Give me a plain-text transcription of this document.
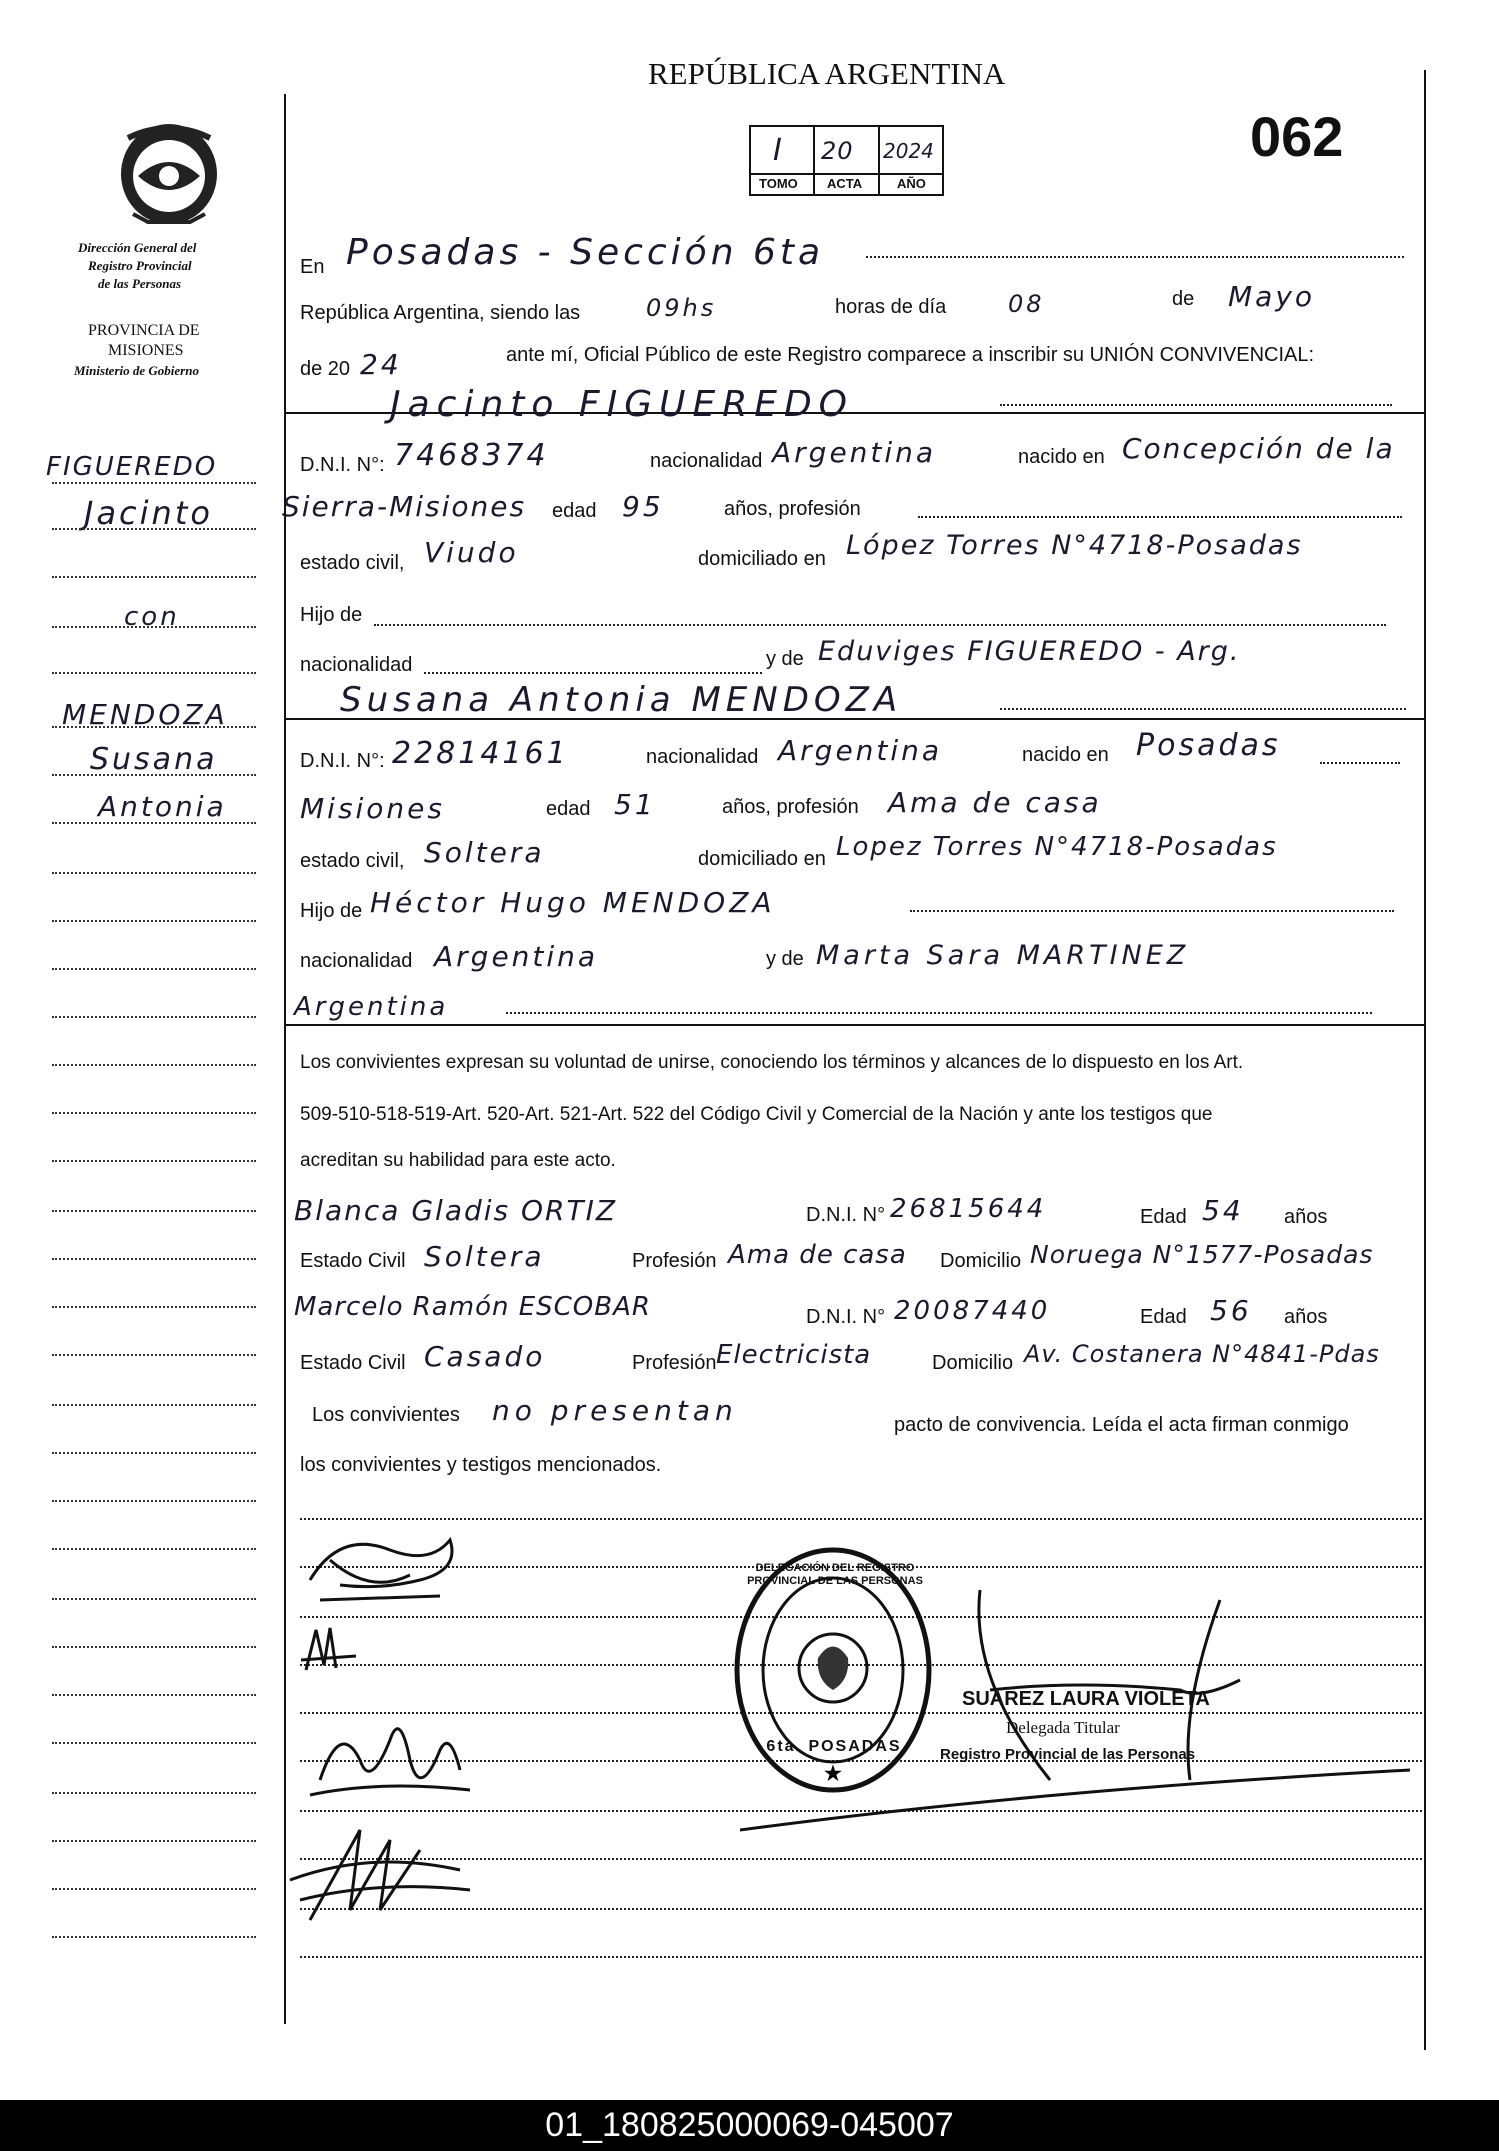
REPÚBLICA ARGENTINA
062
I 20 2024
TOMO ACTA	AÑO
Dirección General del
Registro Provincial
de las Personas
PROVINCIA DE
MISIONES
Ministerio de Gobierno
FIGUEREDO
Jacinto
con
MENDOZA
Susana
Antonia
En Posadas - Sección 6ta
República Argentina, siendo las	09hs	horas de día	08	de Mayo
de 20 24	ante mí, Oficial Público de este Registro comparece a inscribir su UNIÓN CONVIVENCIAL:
Jacinto FIGUEREDO
D.N.I. N°: 7468374	nacionalidad Argentina	nacido en Concepción de la
Sierra-Misiones edad 95	años, profesión
estado civil, Viudo	domiciliado en López Torres N°4718-Posadas
Hijo de
nacionalidad	y de Eduviges FIGUEREDO - Arg.
Susana Antonia MENDOZA
D.N.I. N°: 22814161	nacionalidad Argentina	nacido en Posadas
Misiones	edad 51	años, profesión Ama de casa
estado civil, Soltera	domiciliado en Lopez Torres N°4718-Posadas
Hijo de Héctor Hugo MENDOZA
nacionalidad Argentina	y de Marta Sara MARTINEZ
Argentina
Los convivientes expresan su voluntad de unirse, conociendo los términos y alcances de lo dispuesto en los Art.
509-510-518-519-Art. 520-Art. 521-Art. 522 del Código Civil y Comercial de la Nación y ante los testigos que
acreditan su habilidad para este acto.
Blanca Gladis ORTIZ	D.N.I. N° 26815644	Edad 54 años
Estado Civil Soltera	Profesión Ama de casa Domicilio Noruega N°1577-Posadas
Marcelo Ramón ESCOBAR	D.N.I. N° 20087440	Edad 56 años
Estado Civil Casado	Profesión Electricista	Domicilio Av. Costanera N°4841-Pdas
Los convivientes no presentan	pacto de convivencia. Leída el acta firman conmigo
los convivientes y testigos mencionados.
★
DELEGACIÓN DEL REGISTRO PROVINCIAL DE LAS PERSONAS
6ta. POSADAS
SUAREZ LAURA VIOLETA
Delegada Titular
Registro Provincial de las Personas
01_180825000069-045007
